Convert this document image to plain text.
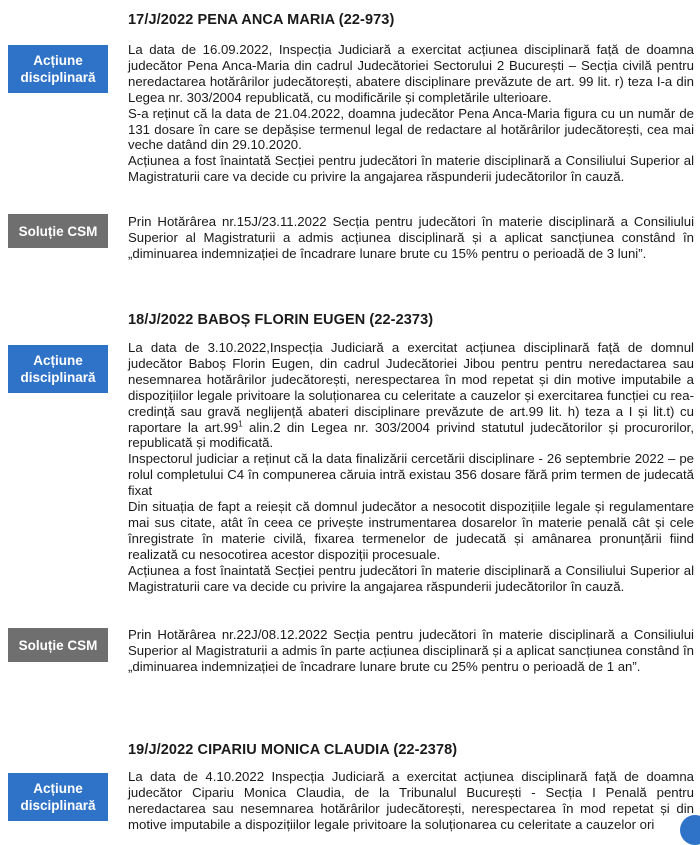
17/J/2022 PENA ANCA MARIA (22-973)
Acțiune disciplinară

La data de 16.09.2022, Inspecția Judiciară a exercitat acțiunea disciplinară față de doamna judecător Pena Anca-Maria din cadrul Judecătoriei Sectorului 2 București – Secția civilă pentru neredactarea hotărârilor judecătorești, abatere disciplinare prevăzute de art. 99 lit. r) teza I-a din Legea nr. 303/2004 republicată, cu modificările și completările ulterioare.

S-a reținut că la data de 21.04.2022, doamna judecător Pena Anca-Maria figura cu un număr de 131 dosare în care se depășise termenul legal de redactare al hotărârilor judecătorești, cea mai veche datând din 29.10.2020.

Acțiunea a fost înaintată Secției pentru judecători în materie disciplinară a Consiliului Superior al Magistraturii care va decide cu privire la angajarea răspunderii judecătorilor în cauză.

Soluție CSM
Prin Hotărârea nr.15J/23.11.2022 Secția pentru judecători în materie disciplinară a Consiliului Superior al Magistraturii a admis acțiunea disciplinară și a aplicat sancțiunea constând în „diminuarea indemnizației de încadrare lunare brute cu 15% pentru o perioadă de 3 luni”.
18/J/2022 BABOȘ FLORIN EUGEN (22-2373)
Acțiune disciplinară

La data de 3.10.2022,Inspecția Judiciară a exercitat acțiunea disciplinară față de domnul judecător Baboș Florin Eugen, din cadrul Judecătoriei Jibou pentru pentru neredactarea sau nesemnarea hotărârilor judecătorești, nerespectarea în mod repetat și din motive imputabile a dispozițiilor legale privitoare la soluționarea cu celeritate a cauzelor și exercitarea funcției cu rea-credință sau gravă neglijență abateri disciplinare prevăzute de art.99 lit. h) teza a I și lit.t) cu raportare la $art.99^1$ alin.2 din Legea nr. 303/2004 privind statutul judecătorilor și procurorilor, republicată și modificată.

Inspectorul judiciar a reținut că la data finalizării cercetării disciplinare - 26 septembrie 2022 – pe rolul completului C4 în compunerea căruia intră existau 356 dosare fără prim termen de judecată fixat

Din situația de fapt a reieșit că domnul judecător a nesocotit dispozițiile legale și regulamentare mai sus citate, atât în ceea ce privește instrumentarea dosarelor în materie penală cât și cele înregistrate în materie civilă, fixarea termenelor de judecată și amânarea pronunțării fiind realizată cu nesocotirea acestor dispoziții procesuale.

Acțiunea a fost înaintată Secției pentru judecători în materie disciplinară a Consiliului Superior al Magistraturii care va decide cu privire la angajarea răspunderii judecătorilor în cauză.

Soluție CSM
Prin Hotărârea nr.22J/08.12.2022 Secția pentru judecători în materie disciplinară a Consiliului Superior al Magistraturii a admis în parte acțiunea disciplinară și a aplicat sancțiunea constând în „diminuarea indemnizației de încadrare lunare brute cu 25% pentru o perioadă de 1 an”.
19/J/2022 CIPARIU MONICA CLAUDIA (22-2378)
Acțiune disciplinară
La data de 4.10.2022 Inspecția Judiciară a exercitat acțiunea disciplinară față de doamna judecător Cipariu Monica Claudia, de la Tribunalul București - Secția I Penală pentru neredactarea sau nesemnarea hotărârilor judecătorești, nerespectarea în mod repetat și din motive imputabile a dispozițiilor legale privitoare la soluționarea cu celeritate a cauzelor ori
